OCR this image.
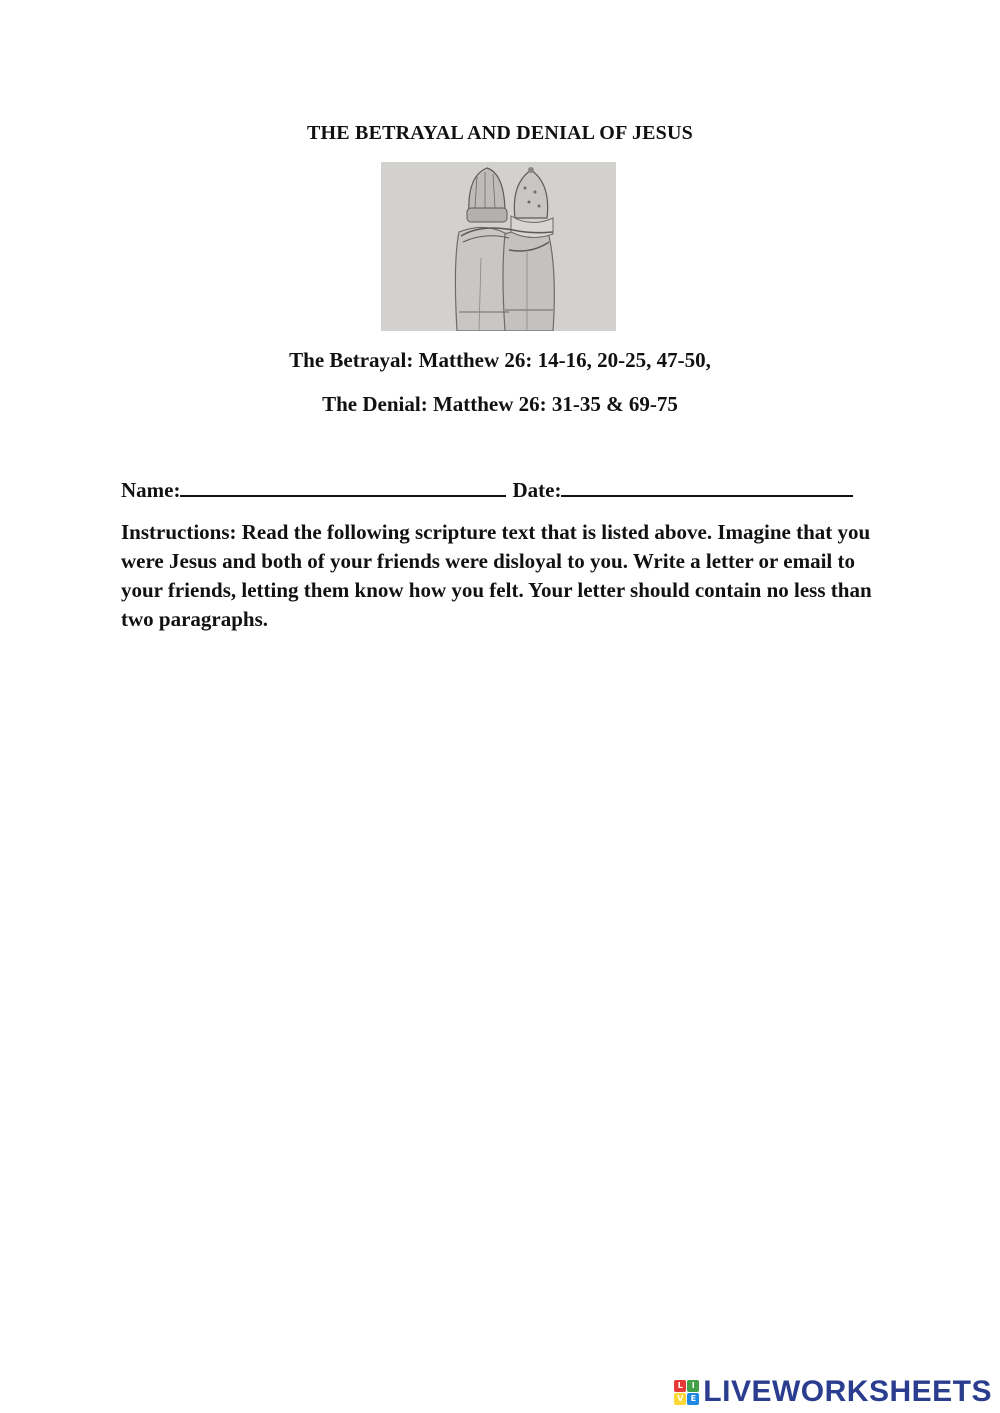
THE BETRAYAL AND DENIAL OF JESUS
The Betrayal: Matthew 26: 14-16, 20-25, 47-50,
The Denial: Matthew 26: 31-35 & 69-75
Name:	Date:

Instructions: Read the following scripture text that is listed above. Imagine that you were Jesus and both of your friends were disloyal to you. Write a letter or email to your friends, letting them know how you felt. Your letter should contain no less than two paragraphs.

L	I
V E LIVEWORKSHEETS
